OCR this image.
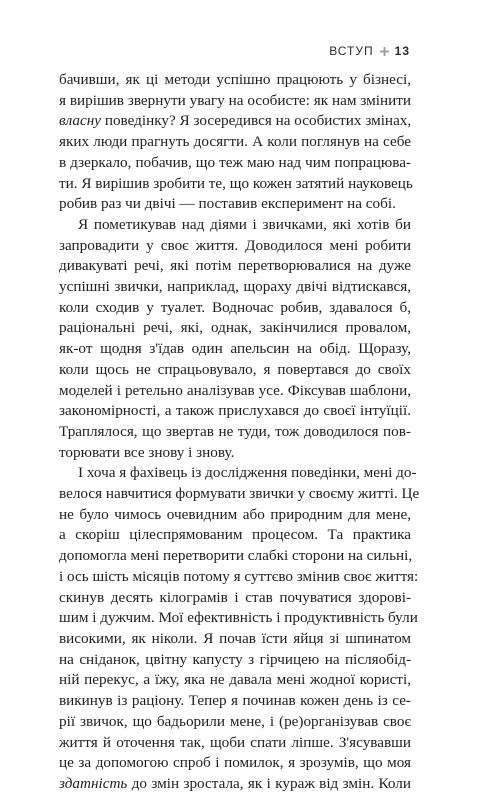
ВСТУП 13

бачивши, як ці методи успішно працюють у бізнесі,
я вирішив звернути увагу на особисте: як нам змінити
власну поведінку? Я зосередився на особистих змінах,
яких люди прагнуть досягти. А коли поглянув на себе
в дзеркало, побачив, що теж маю над чим попрацюва-
ти. Я вирішив зробити те, що кожен затятий науковець
робив раз чи двічі — поставив експеримент на собі.

Я пометикував над діями і звичками, які хотів би
запровадити у своє життя. Доводилося мені робити
дивакуваті речі, які потім перетворювалися на дуже
успішні звички, наприклад, щораху двічі відтискався,
коли сходив у туалет. Водночас робив, здавалося б,
раціональні речі, які, однак, закінчилися провалом,
як-от щодня з'їдав один апельсин на обід. Щоразу,
коли щось не спрацьовувало, я повертався до своїх
моделей і ретельно аналізував усе. Фіксував шаблони,
закономірності, а також прислухався до своєї інтуїції.
Траплялося, що звертав не туди, тож доводилося пов-
торювати все знову і знову.

І хоча я фахівець із дослідження поведінки, мені до-
велося навчитися формувати звички у своєму житті. Це
не було чимось очевидним або природним для мене,
а скоріш цілеспрямованим процесом. Та практика
допомогла мені перетворити слабкі сторони на сильні,
і ось шість місяців потому я суттєво змінив своє життя:
скинув десять кілограмів і став почуватися здорові-
шим і дужчим. Мої ефективність і продуктивність були
високими, як ніколи. Я почав їсти яйця зі шпинатом
на сніданок, цвітну капусту з гірчицею на післяобід-
ній перекус, а їжу, яка не давала мені жодної користі,
викинув із раціону. Тепер я починав кожен день із се-
рії звичок, що бадьорили мене, і (ре)організував своє
життя й оточення так, щоби спати ліпше. З'ясувавши
це за допомогою спроб і помилок, я зрозумів, що моя
здатність до змін зростала, як і кураж від змін. Коли
